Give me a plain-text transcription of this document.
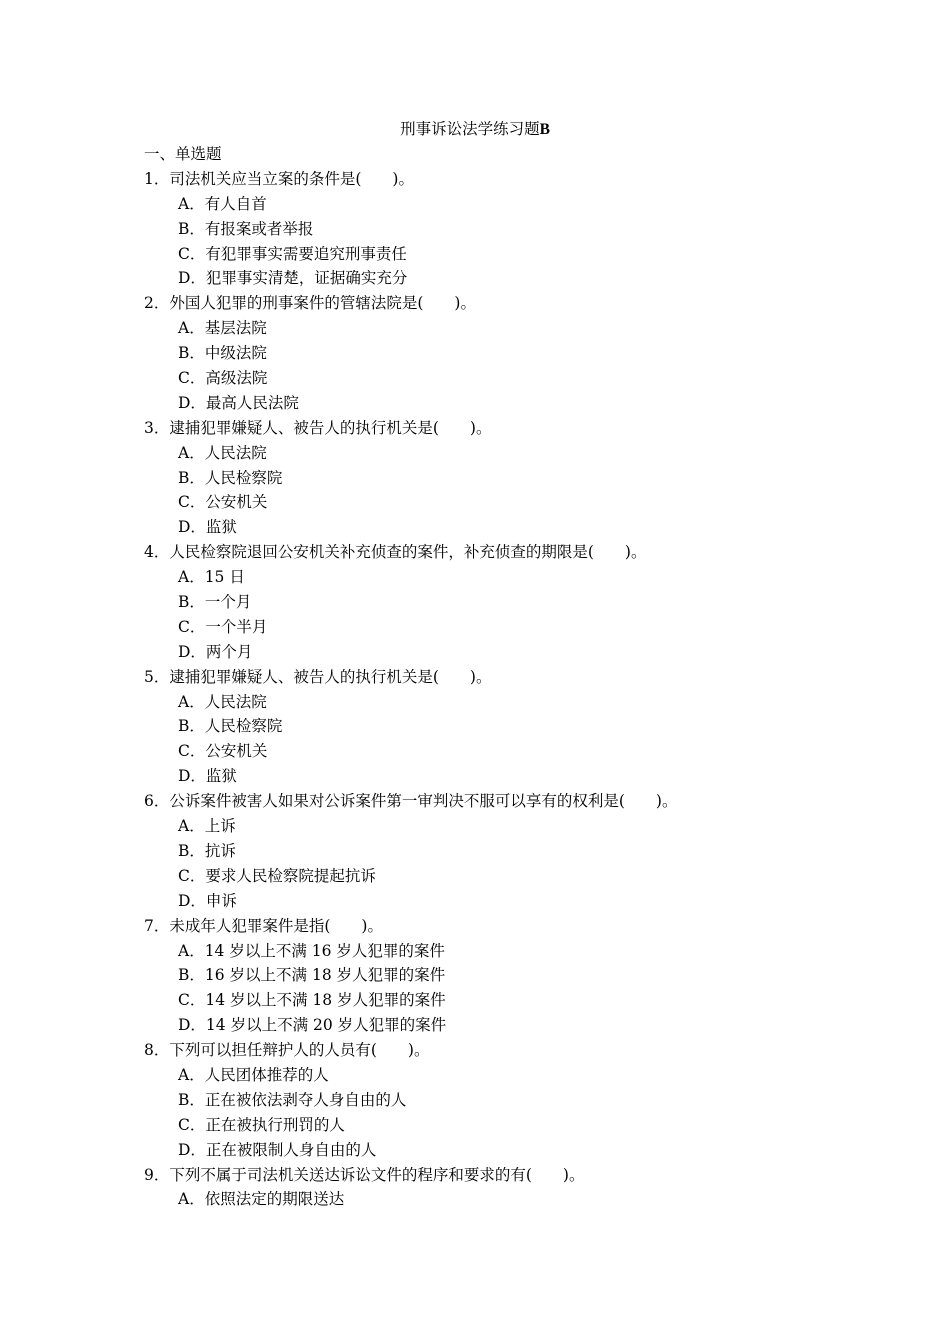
刑事诉讼法学练习题B
一、单选题
1．司法机关应当立案的条件是(　　)。
A．有人自首
B．有报案或者举报
C．有犯罪事实需要追究刑事责任
D．犯罪事实清楚，证据确实充分
2．外国人犯罪的刑事案件的管辖法院是(　　)。
A．基层法院
B．中级法院
C．高级法院
D．最高人民法院
3．逮捕犯罪嫌疑人、被告人的执行机关是(　　)。
A．人民法院
B．人民检察院
C．公安机关
D．监狱
4．人民检察院退回公安机关补充侦查的案件，补充侦查的期限是(　　)。
A．15 日
B．一个月
C．一个半月
D．两个月
5．逮捕犯罪嫌疑人、被告人的执行机关是(　　)。
A．人民法院
B．人民检察院
C．公安机关
D．监狱
6．公诉案件被害人如果对公诉案件第一审判决不服可以享有的权利是(　　)。
A．上诉
B．抗诉
C．要求人民检察院提起抗诉
D．申诉
7．未成年人犯罪案件是指(　　)。
A．14 岁以上不满 16 岁人犯罪的案件
B．16 岁以上不满 18 岁人犯罪的案件
C．14 岁以上不满 18 岁人犯罪的案件
D．14 岁以上不满 20 岁人犯罪的案件
8．下列可以担任辩护人的人员有(　　)。
A．人民团体推荐的人
B．正在被依法剥夺人身自由的人
C．正在被执行刑罚的人
D．正在被限制人身自由的人
9．下列不属于司法机关送达诉讼文件的程序和要求的有(　　)。
A．依照法定的期限送达
